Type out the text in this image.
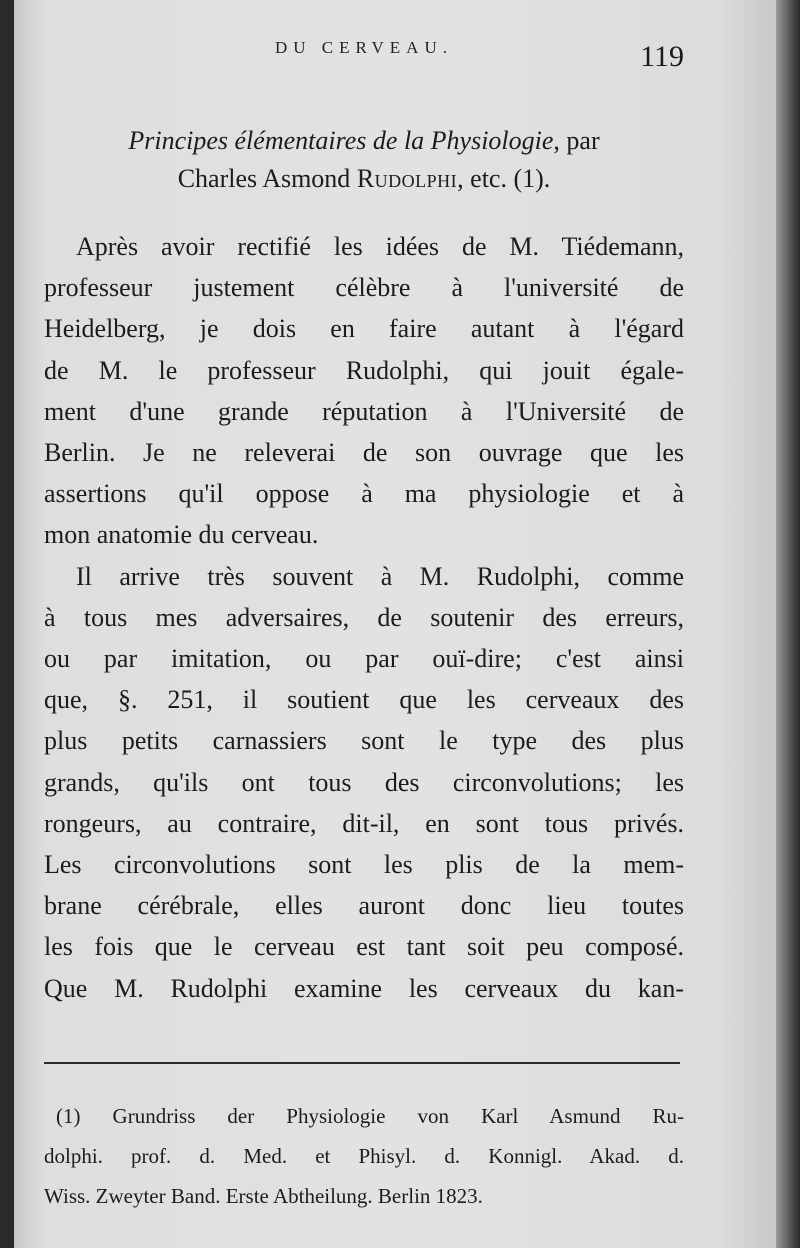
DU CERVEAU.	119
Principes élémentaires de la Physiologie, par
Charles Asmond Rudolphi, etc. (1).
Après avoir rectifié les idées de M. Tiédemann,
professeur justement célèbre à l'université de
Heidelberg, je dois en faire autant à l'égard
de M. le professeur Rudolphi, qui jouit égale-
ment d'une grande réputation à l'Université de
Berlin. Je ne releverai de son ouvrage que les
assertions qu'il oppose à ma physiologie et à
mon anatomie du cerveau.
Il arrive très souvent à M. Rudolphi, comme
à tous mes adversaires, de soutenir des erreurs,
ou par imitation, ou par ouï-dire; c'est ainsi
que, §. 251, il soutient que les cerveaux des
plus petits carnassiers sont le type des plus
grands, qu'ils ont tous des circonvolutions; les
rongeurs, au contraire, dit-il, en sont tous privés.
Les circonvolutions sont les plis de la mem-
brane cérébrale, elles auront donc lieu toutes
les fois que le cerveau est tant soit peu composé.
Que M. Rudolphi examine les cerveaux du kan-
(1) Grundriss der Physiologie von Karl Asmund Ru-
dolphi. prof. d. Med. et Phisyl. d. Konnigl. Akad. d.
Wiss. Zweyter Band. Erste Abtheilung. Berlin 1823.
